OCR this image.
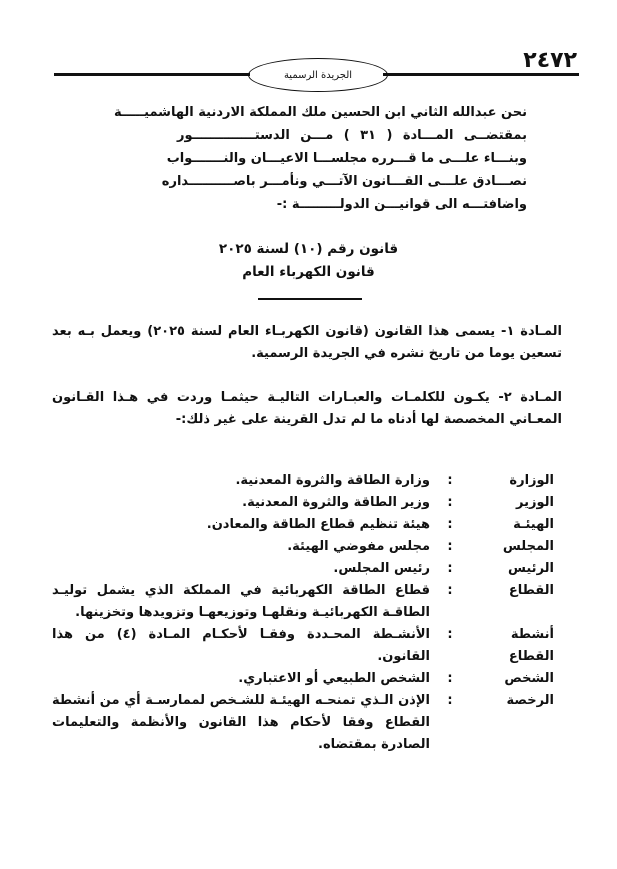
٢٤٧٢
الجريدة الرسمية
نحن عبدالله الثاني ابن الحسين ملك المملكة الاردنية الهاشميـــــة
بمقتضــى المـــادة ( ٣١ ) مـــن الدستــــــــــــــور
وبنـــاء علـــى ما قـــرره مجلســـا الاعيـــان والنـــــــواب
نصـــادق علـــى القـــانون الآتـــي ونأمـــر باصــــــــــداره
واضافتـــه الى قوانيـــن الدولـــــــــة :-
قانون رقم (١٠) لسنة ٢٠٢٥
قانون الكهرباء العام
المـادة ١- يسمى هذا القانون (قانون الكهربـاء العام لسنة ٢٠٢٥) ويعمل بـه بعد تسعين يوما من تاريخ نشره في الجريدة الرسمية.
المـادة ٢- يكـون للكلمـات والعبـارات التاليـة حيثمـا وردت في هـذا القـانون المعـاني المخصصة لها أدناه ما لم تدل القرينة على غير ذلك:-
الوزارة
:
وزارة الطاقة والثروة المعدنية.
الوزير
:
وزير الطاقة والثروة المعدنية.
الهيئـة
:
هيئة تنظيم قطاع الطاقة والمعادن.
المجلس
:
مجلس مفوضي الهيئة.
الرئيس
:
رئيس المجلس.
القطاع
:
قطاع الطاقة الكهربائية في المملكة الذي يشمل توليـد الطاقـة الكهربائيـة ونقلهـا وتوزيعهـا وتزويدها وتخزينها.
أنشطة القطاع
:
الأنشـطة المحـددة وفقـا لأحكـام المـادة (٤) من هذا القانون.
الشخص
:
الشخص الطبيعي أو الاعتباري.
الرخصة
:
الإذن الـذي تمنحـه الهيئـة للشـخص لممارسـة أي من أنشطة القطاع وفقا لأحكام هذا القانون والأنظمة والتعليمات الصادرة بمقتضاه.
